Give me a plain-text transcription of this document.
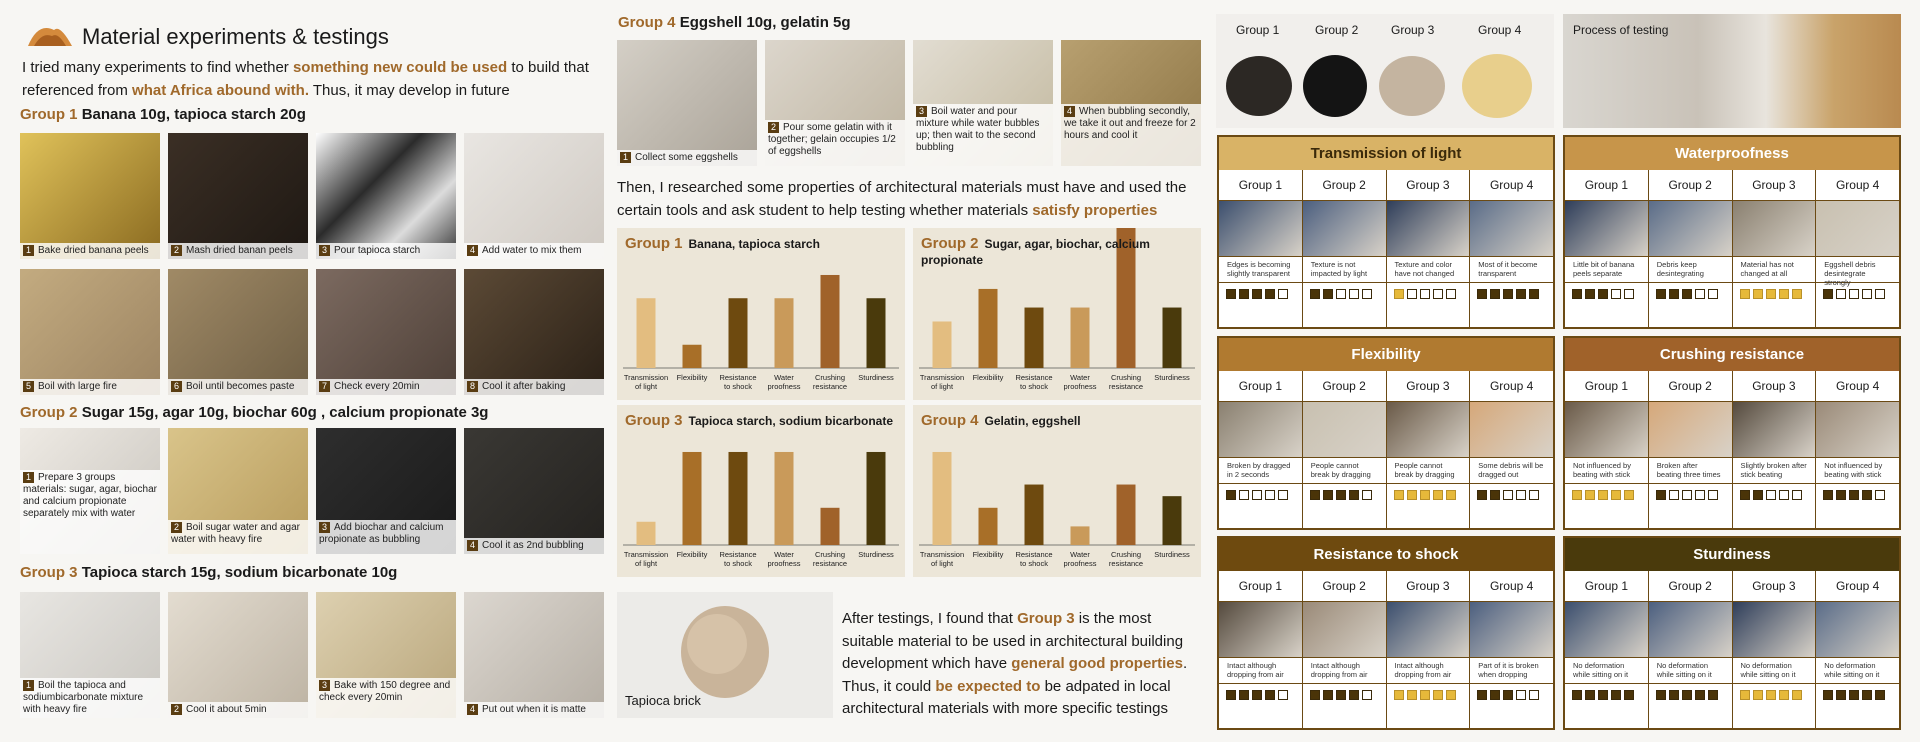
Material experiments & testings
I tried many experiments to find whether something new could be used to build that referenced from what Africa abound with. Thus, it may develop in future
Group 1 Banana 10g, tapioca starch 20g
1 Bake dried banana peels	2 Mash dried banan peels	3 Pour tapioca starch	4 Add water to mix them
5 Boil with large fire	6 Boil until becomes paste	7 Check every 20min	8 Cool it after baking
Group 2 Sugar 15g, agar 10g, biochar 60g , calcium propionate 3g
1 Prepare 3 groups materials: sugar, agar, biochar and calcium propionate separately mix with water
2 Boil sugar water and agar water with heavy fire
3 Add biochar and calcium propionate as bubbling	4 Cool it as 2nd bubbling
Group 3 Tapioca starch 15g, sodium bicarbonate 10g
1 Boil the tapioca and sodiumbicarbonate mixture with heavy fire	2 Cool it about 5min
3 Bake with 150 degree and check every 20min
4 Put out when it is matte
Group 4 Eggshell 10g, gelatin 5g
1 Collect some eggshells
2 Pour some gelatin with it together; gelain occupies 1/2 of eggshells
3 Boil water and pour mixture while water bubbles up; then wait to the second bubbling
4 When bubbling secondly, we take it out and freeze for 2 hours and cool it
Then, I researched some properties of architectural materials must have and used the certain tools and ask student to help testing whether materials satisfy properties
Transmission of light
Flexibility Resistance to shock
Water proofness
Crushing resistance
Sturdiness
Group 1 Banana, tapioca starch
Transmission of light
Flexibility Resistance to shock
Water proofness
Crushing resistance
Sturdiness
Group 2 Sugar, agar, biochar, calcium propionate
Transmission of light
Flexibility Resistance to shock
Water proofness
Crushing resistance
Sturdiness
Group 3 Tapioca starch, sodium bicarbonate
Transmission of light
Flexibility Resistance to shock
Water proofness
Crushing resistance
Sturdiness
Group 4 Gelatin, eggshell
Tapioca brick
After testings, I found that Group 3 is the most suitable material to be used in architectural building development which have general good properties. Thus, it could be expected to be adpated in local architectural materials with more specific testings
Group 1	Group 2	Group 3	Group 4	Process of testing
Transmission of light
Group 1
Edges is becoming slightly transparent
Group 2
Texture is not impacted by light
Group 3
Texture and color have not changed
Group 4
Most of it become transparent
Waterproofness
Group 1
Little bit of banana peels separate
Group 2
Debris keep desintegrating
Group 3
Material has not changed at all
Group 4
Eggshell debris desintegrate strongly
Flexibility
Group 1
Broken by dragged in 2 seconds
Group 2
People cannot break by dragging
Group 3
People cannot break by dragging
Group 4
Some debris will be dragged out
Crushing resistance
Group 1
Not influenced by beating with stick
Group 2
Broken after beating three times
Group 3
Slightly broken after stick beating
Group 4
Not influenced by beating with stick
Resistance to shock
Group 1
Intact although dropping from air
Group 2
Intact although dropping from air
Group 3
Intact although dropping from air
Group 4
Part of it is broken when dropping
Sturdiness
Group 1
No deformation while sitting on it
Group 2
No deformation while sitting on it
Group 3
No deformation while sitting on it
Group 4
No deformation while sitting on it
